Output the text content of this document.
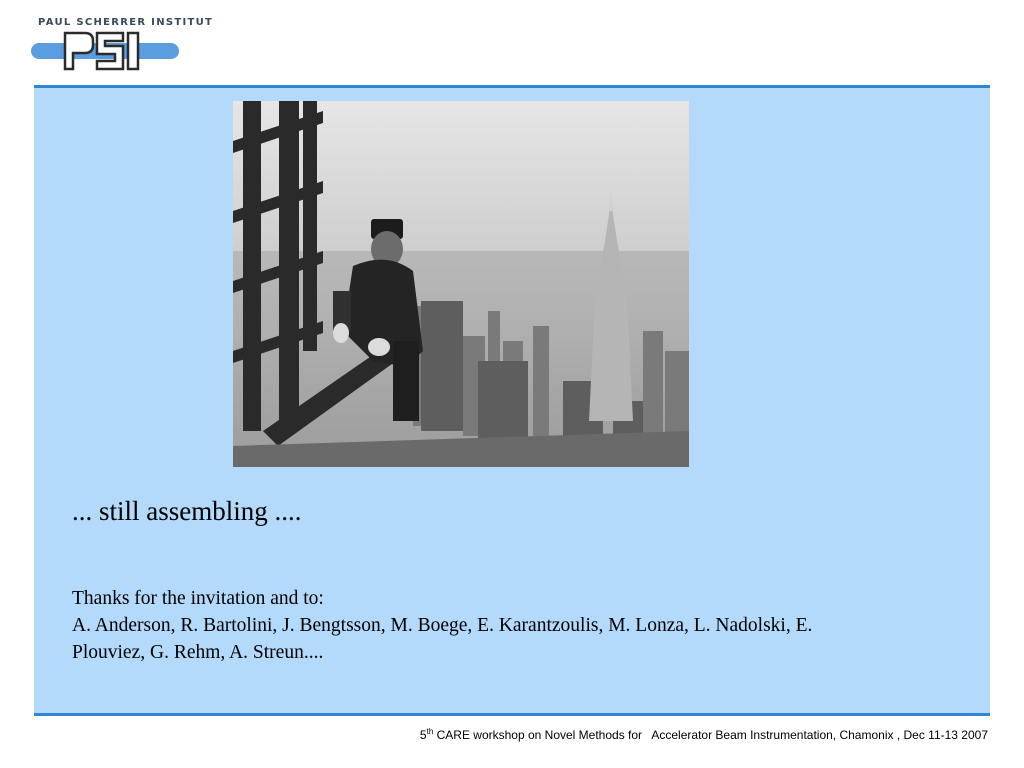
PAUL SCHERRER INSTITUT
PSI
... still assembling ....
Thanks for the invitation and to:
A. Anderson, R. Bartolini, J. Bengtsson, M. Boege, E. Karantzoulis, M. Lonza, L. Nadolski, E.
Plouviez, G. Rehm, A. Streun....
5th CARE workshop on Novel Methods for   Accelerator Beam Instrumentation, Chamonix , Dec 11-13 2007
